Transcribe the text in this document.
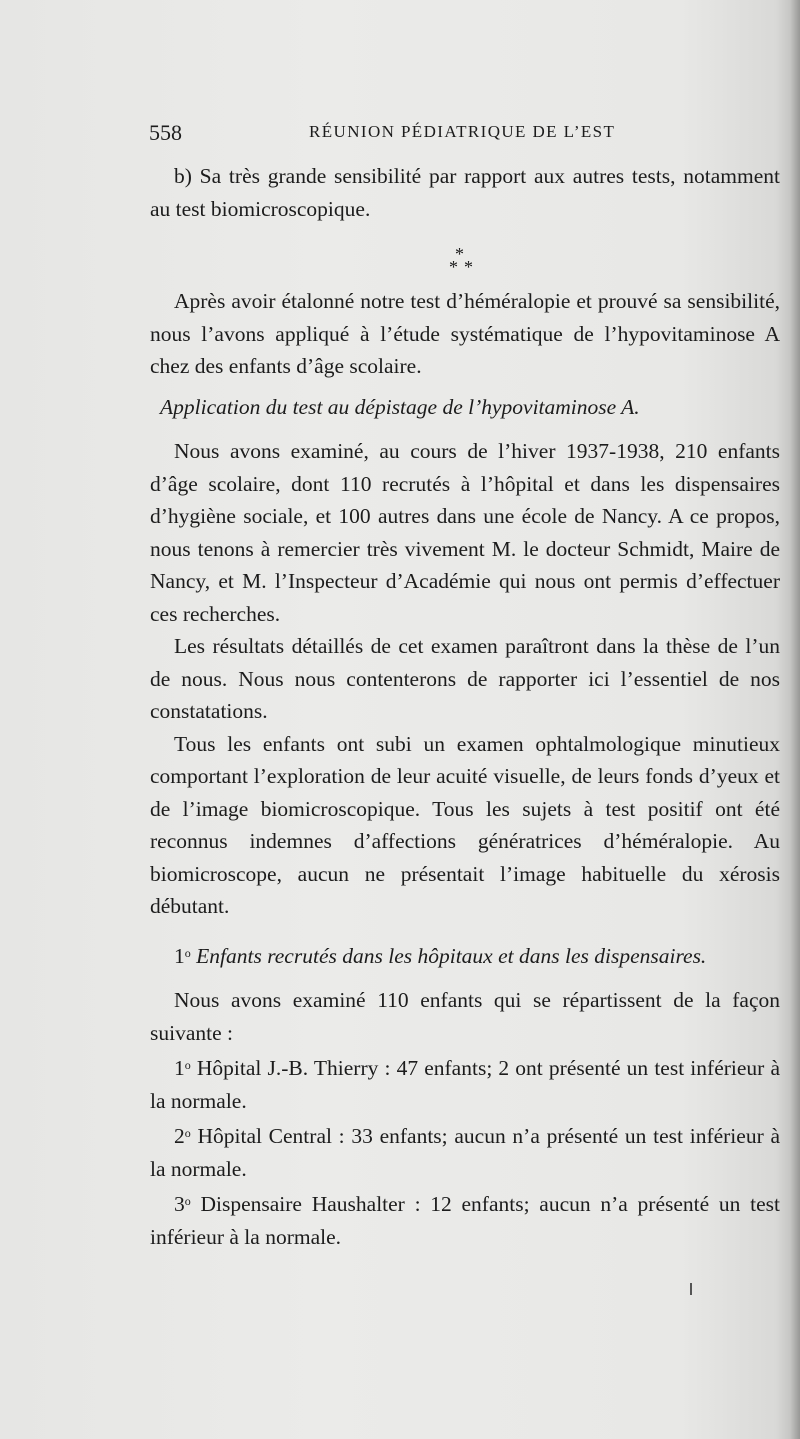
558	RÉUNION PÉDIATRIQUE DE L’EST

b) Sa très grande sensibilité par rapport aux autres tests, notamment au test biomicroscopique.

*
* *

Après avoir étalonné notre test d’héméralopie et prouvé sa sensibilité, nous l’avons appliqué à l’étude systématique de l’hypovitaminose A chez des enfants d’âge scolaire.

Application du test au dépistage de l’hypovitaminose A.

Nous avons examiné, au cours de l’hiver 1937-1938, 210 enfants d’âge scolaire, dont 110 recrutés à l’hôpital et dans les dispensaires d’hygiène sociale, et 100 autres dans une école de Nancy. A ce propos, nous tenons à remercier très vivement M. le docteur Schmidt, Maire de Nancy, et M. l’Inspecteur d’Académie qui nous ont permis d’effectuer ces recherches.

Les résultats détaillés de cet examen paraîtront dans la thèse de l’un de nous. Nous nous contenterons de rapporter ici l’essentiel de nos constatations.

Tous les enfants ont subi un examen ophtalmologique minutieux comportant l’exploration de leur acuité visuelle, de leurs fonds d’yeux et de l’image biomicroscopique. Tous les sujets à test positif ont été reconnus indemnes d’affections génératrices d’héméralopie. Au biomicroscope, aucun ne présentait l’image habituelle du xérosis débutant.

1$^o$ Enfants recrutés dans les hôpitaux et dans les dispensaires.

Nous avons examiné 110 enfants qui se répartissent de la façon suivante :

1$^o$ Hôpital J.-B. Thierry : 47 enfants; 2 ont présenté un test inférieur à la normale.

2$^o$ Hôpital Central : 33 enfants; aucun n’a présenté un test inférieur à la normale.

3$^o$ Dispensaire Haushalter : 12 enfants; aucun n’a présenté un test inférieur à la normale.
